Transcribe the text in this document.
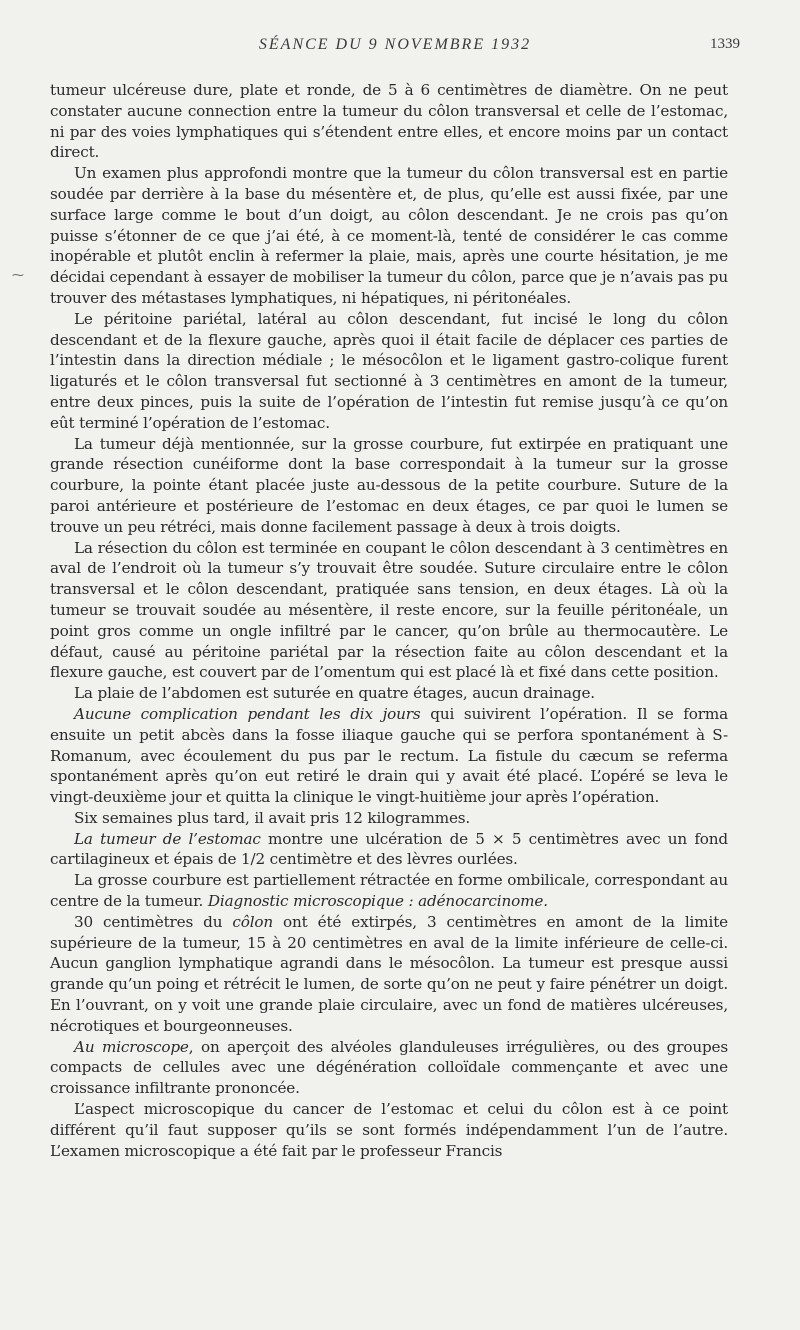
SÉANCE DU 9 NOVEMBRE 1932	1339
⁓

tumeur ulcéreuse dure, plate et ronde, de 5 à 6 centimètres de diamètre. On ne peut constater aucune connection entre la tumeur du côlon transversal et celle de l’estomac, ni par des voies lymphatiques qui s’étendent entre elles, et encore moins par un contact direct.

Un examen plus approfondi montre que la tumeur du côlon transversal est en partie soudée par derrière à la base du mésentère et, de plus, qu’elle est aussi fixée, par une surface large comme le bout d’un doigt, au côlon descendant. Je ne crois pas qu’on puisse s’étonner de ce que j’ai été, à ce moment-là, tenté de considérer le cas comme inopérable et plutôt enclin à refermer la plaie, mais, après une courte hésitation, je me décidai cependant à essayer de mobiliser la tumeur du côlon, parce que je n’avais pas pu trouver des métastases lymphatiques, ni hépatiques, ni péritonéales.

Le péritoine pariétal, latéral au côlon descendant, fut incisé le long du côlon descendant et de la flexure gauche, après quoi il était facile de déplacer ces parties de l’intestin dans la direction médiale ; le mésocôlon et le ligament gastro-colique furent ligaturés et le côlon transversal fut sectionné à 3 centimètres en amont de la tumeur, entre deux pinces, puis la suite de l’opération de l’intestin fut remise jusqu’à ce qu’on eût terminé l’opération de l’estomac.

La tumeur déjà mentionnée, sur la grosse courbure, fut extirpée en pratiquant une grande résection cunéiforme dont la base correspondait à la tumeur sur la grosse courbure, la pointe étant placée juste au-dessous de la petite courbure. Suture de la paroi antérieure et postérieure de l’estomac en deux étages, ce par quoi le lumen se trouve un peu rétréci, mais donne facilement passage à deux à trois doigts.

La résection du côlon est terminée en coupant le côlon descendant à 3 centimètres en aval de l’endroit où la tumeur s’y trouvait être soudée. Suture circulaire entre le côlon transversal et le côlon descendant, pratiquée sans tension, en deux étages. Là où la tumeur se trouvait soudée au mésentère, il reste encore, sur la feuille péritonéale, un point gros comme un ongle infiltré par le cancer, qu’on brûle au thermocautère. Le défaut, causé au péritoine pariétal par la résection faite au côlon descendant et la flexure gauche, est couvert par de l’omentum qui est placé là et fixé dans cette position.

La plaie de l’abdomen est suturée en quatre étages, aucun drainage.

Aucune complication pendant les dix jours qui suivirent l’opération. Il se forma ensuite un petit abcès dans la fosse iliaque gauche qui se perfora spontanément à S-Romanum, avec écoulement du pus par le rectum. La fistule du cæcum se referma spontanément après qu’on eut retiré le drain qui y avait été placé. L’opéré se leva le vingt-deuxième jour et quitta la clinique le vingt-huitième jour après l’opération.

Six semaines plus tard, il avait pris 12 kilogrammes.

La tumeur de l’estomac montre une ulcération de 5 × 5 centimètres avec un fond cartilagineux et épais de 1/2 centimètre et des lèvres ourlées.

La grosse courbure est partiellement rétractée en forme ombilicale, correspondant au centre de la tumeur. Diagnostic microscopique : adénocarcinome.

30 centimètres du côlon ont été extirpés, 3 centimètres en amont de la limite supérieure de la tumeur, 15 à 20 centimètres en aval de la limite inférieure de celle-ci. Aucun ganglion lymphatique agrandi dans le mésocôlon. La tumeur est presque aussi grande qu’un poing et rétrécit le lumen, de sorte qu’on ne peut y faire pénétrer un doigt. En l’ouvrant, on y voit une grande plaie circulaire, avec un fond de matières ulcéreuses, nécrotiques et bourgeonneuses.

Au microscope, on aperçoit des alvéoles glanduleuses irrégulières, ou des groupes compacts de cellules avec une dégénération colloïdale commençante et avec une croissance infiltrante prononcée.

L’aspect microscopique du cancer de l’estomac et celui du côlon est à ce point différent qu’il faut supposer qu’ils se sont formés indépendamment l’un de l’autre. L’examen microscopique a été fait par le professeur Francis
